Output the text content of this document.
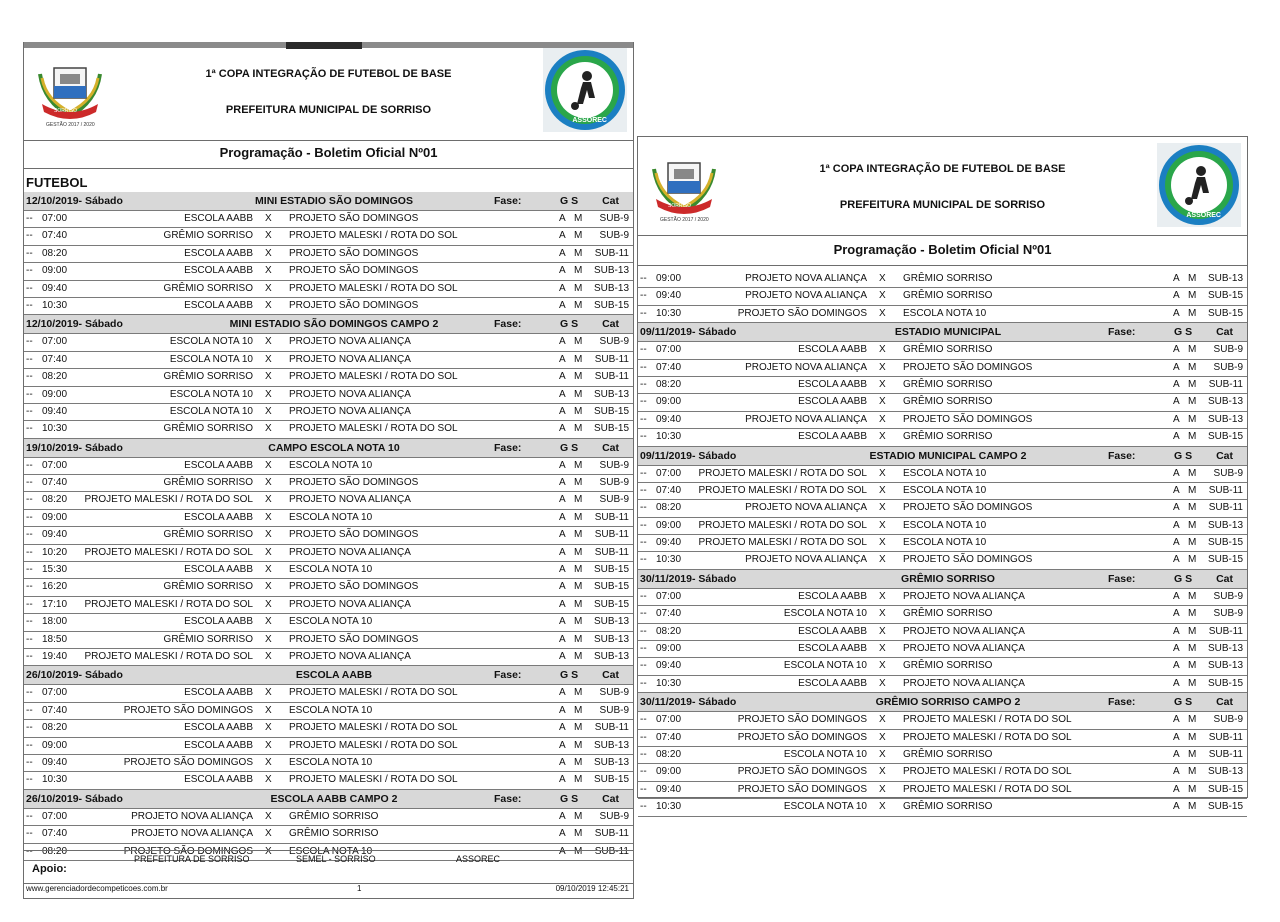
SORRISO
GESTÃO 2017 / 2020
1ª COPA INTEGRAÇÃO DE FUTEBOL DE BASE
PREFEITURA MUNICIPAL DE SORRISO
ASSOREC
Programação - Boletim Oficial Nº01
FUTEBOL
12/10/2019- Sábado	MINI ESTADIO SÃO DOMINGOS	Fase:	G S Cat
-- 07:00	ESCOLA AABB X PROJETO SÃO DOMINGOS	A M SUB-9
-- 07:40	GRÊMIO SORRISO X PROJETO MALESKI / ROTA DO SOL	A M SUB-9
-- 08:20	ESCOLA AABB X PROJETO SÃO DOMINGOS	A M SUB-11
-- 09:00	ESCOLA AABB X PROJETO SÃO DOMINGOS	A M SUB-13
-- 09:40	GRÊMIO SORRISO X PROJETO MALESKI / ROTA DO SOL	A M SUB-13
-- 10:30	ESCOLA AABB X PROJETO SÃO DOMINGOS	A M SUB-15
12/10/2019- Sábado	MINI ESTADIO SÃO DOMINGOS CAMPO 2	Fase:	G S Cat
-- 07:00	ESCOLA NOTA 10 X PROJETO NOVA ALIANÇA	A M SUB-9
-- 07:40	ESCOLA NOTA 10 X PROJETO NOVA ALIANÇA	A M SUB-11
-- 08:20	GRÊMIO SORRISO X PROJETO MALESKI / ROTA DO SOL	A M SUB-11
-- 09:00	ESCOLA NOTA 10 X PROJETO NOVA ALIANÇA	A M SUB-13
-- 09:40	ESCOLA NOTA 10 X PROJETO NOVA ALIANÇA	A M SUB-15
-- 10:30	GRÊMIO SORRISO X PROJETO MALESKI / ROTA DO SOL	A M SUB-15
19/10/2019- Sábado	CAMPO ESCOLA NOTA 10	Fase:	G S Cat
-- 07:00	ESCOLA AABB X ESCOLA NOTA 10	A M SUB-9
-- 07:40	GRÊMIO SORRISO X PROJETO SÃO DOMINGOS	A M SUB-9
-- 08:20 PROJETO MALESKI / ROTA DO SOL X PROJETO NOVA ALIANÇA	A M SUB-9
-- 09:00	ESCOLA AABB X ESCOLA NOTA 10	A M SUB-11
-- 09:40	GRÊMIO SORRISO X PROJETO SÃO DOMINGOS	A M SUB-11
-- 10:20 PROJETO MALESKI / ROTA DO SOL X PROJETO NOVA ALIANÇA	A M SUB-11
-- 15:30	ESCOLA AABB X ESCOLA NOTA 10	A M SUB-15
-- 16:20	GRÊMIO SORRISO X PROJETO SÃO DOMINGOS	A M SUB-15
-- 17:10 PROJETO MALESKI / ROTA DO SOL X PROJETO NOVA ALIANÇA	A M SUB-15
-- 18:00	ESCOLA AABB X ESCOLA NOTA 10	A M SUB-13
-- 18:50	GRÊMIO SORRISO X PROJETO SÃO DOMINGOS	A M SUB-13
-- 19:40 PROJETO MALESKI / ROTA DO SOL X PROJETO NOVA ALIANÇA	A M SUB-13
26/10/2019- Sábado	ESCOLA AABB	Fase:	G S Cat
-- 07:00	ESCOLA AABB X PROJETO MALESKI / ROTA DO SOL	A M SUB-9
-- 07:40	PROJETO SÃO DOMINGOS X ESCOLA NOTA 10	A M SUB-9
-- 08:20	ESCOLA AABB X PROJETO MALESKI / ROTA DO SOL	A M SUB-11
-- 09:00	ESCOLA AABB X PROJETO MALESKI / ROTA DO SOL	A M SUB-13
-- 09:40	PROJETO SÃO DOMINGOS X ESCOLA NOTA 10	A M SUB-13
-- 10:30	ESCOLA AABB X PROJETO MALESKI / ROTA DO SOL	A M SUB-15
26/10/2019- Sábado	ESCOLA AABB CAMPO 2	Fase:	G S Cat
-- 07:00	PROJETO NOVA ALIANÇA X GRÊMIO SORRISO	A M SUB-9
-- 07:40	PROJETO NOVA ALIANÇA X GRÊMIO SORRISO	A M SUB-11
-- 08:20	PROJETO SÃO DOMINGOS X ESCOLA NOTA 10	A M SUB-11
Apoio:
PREFEITURA DE SORRISO	SEMEL - SORRISO	ASSOREC
www.gerenciadordecompeticoes.com.br	1	09/10/2019 12:45:21
SORRISO
GESTÃO 2017 / 2020
1ª COPA INTEGRAÇÃO DE FUTEBOL DE BASE
PREFEITURA MUNICIPAL DE SORRISO
ASSOREC
Programação - Boletim Oficial Nº01
-- 09:00	PROJETO NOVA ALIANÇA X GRÊMIO SORRISO	A M SUB-13
-- 09:40	PROJETO NOVA ALIANÇA X GRÊMIO SORRISO	A M SUB-15
-- 10:30	PROJETO SÃO DOMINGOS X ESCOLA NOTA 10	A M SUB-15
09/11/2019- Sábado	ESTADIO MUNICIPAL	Fase:	G S Cat
-- 07:00	ESCOLA AABB X GRÊMIO SORRISO	A M SUB-9
-- 07:40	PROJETO NOVA ALIANÇA X PROJETO SÃO DOMINGOS	A M SUB-9
-- 08:20	ESCOLA AABB X GRÊMIO SORRISO	A M SUB-11
-- 09:00	ESCOLA AABB X GRÊMIO SORRISO	A M SUB-13
-- 09:40	PROJETO NOVA ALIANÇA X PROJETO SÃO DOMINGOS	A M SUB-13
-- 10:30	ESCOLA AABB X GRÊMIO SORRISO	A M SUB-15
09/11/2019- Sábado	ESTADIO MUNICIPAL CAMPO 2	Fase:	G S Cat
-- 07:00 PROJETO MALESKI / ROTA DO SOL X ESCOLA NOTA 10	A M SUB-9
-- 07:40 PROJETO MALESKI / ROTA DO SOL X ESCOLA NOTA 10	A M SUB-11
-- 08:20	PROJETO NOVA ALIANÇA X PROJETO SÃO DOMINGOS	A M SUB-11
-- 09:00 PROJETO MALESKI / ROTA DO SOL X ESCOLA NOTA 10	A M SUB-13
-- 09:40 PROJETO MALESKI / ROTA DO SOL X ESCOLA NOTA 10	A M SUB-15
-- 10:30	PROJETO NOVA ALIANÇA X PROJETO SÃO DOMINGOS	A M SUB-15
30/11/2019- Sábado	GRÊMIO SORRISO	Fase:	G S Cat
-- 07:00	ESCOLA AABB X PROJETO NOVA ALIANÇA	A M SUB-9
-- 07:40	ESCOLA NOTA 10 X GRÊMIO SORRISO	A M SUB-9
-- 08:20	ESCOLA AABB X PROJETO NOVA ALIANÇA	A M SUB-11
-- 09:00	ESCOLA AABB X PROJETO NOVA ALIANÇA	A M SUB-13
-- 09:40	ESCOLA NOTA 10 X GRÊMIO SORRISO	A M SUB-13
-- 10:30	ESCOLA AABB X PROJETO NOVA ALIANÇA	A M SUB-15
30/11/2019- Sábado	GRÊMIO SORRISO CAMPO 2	Fase:	G S Cat
-- 07:00	PROJETO SÃO DOMINGOS X PROJETO MALESKI / ROTA DO SOL	A M SUB-9
-- 07:40	PROJETO SÃO DOMINGOS X PROJETO MALESKI / ROTA DO SOL	A M SUB-11
-- 08:20	ESCOLA NOTA 10 X GRÊMIO SORRISO	A M SUB-11
-- 09:00	PROJETO SÃO DOMINGOS X PROJETO MALESKI / ROTA DO SOL	A M SUB-13
-- 09:40	PROJETO SÃO DOMINGOS X PROJETO MALESKI / ROTA DO SOL	A M SUB-15
-- 10:30	ESCOLA NOTA 10 X GRÊMIO SORRISO	A M SUB-15
